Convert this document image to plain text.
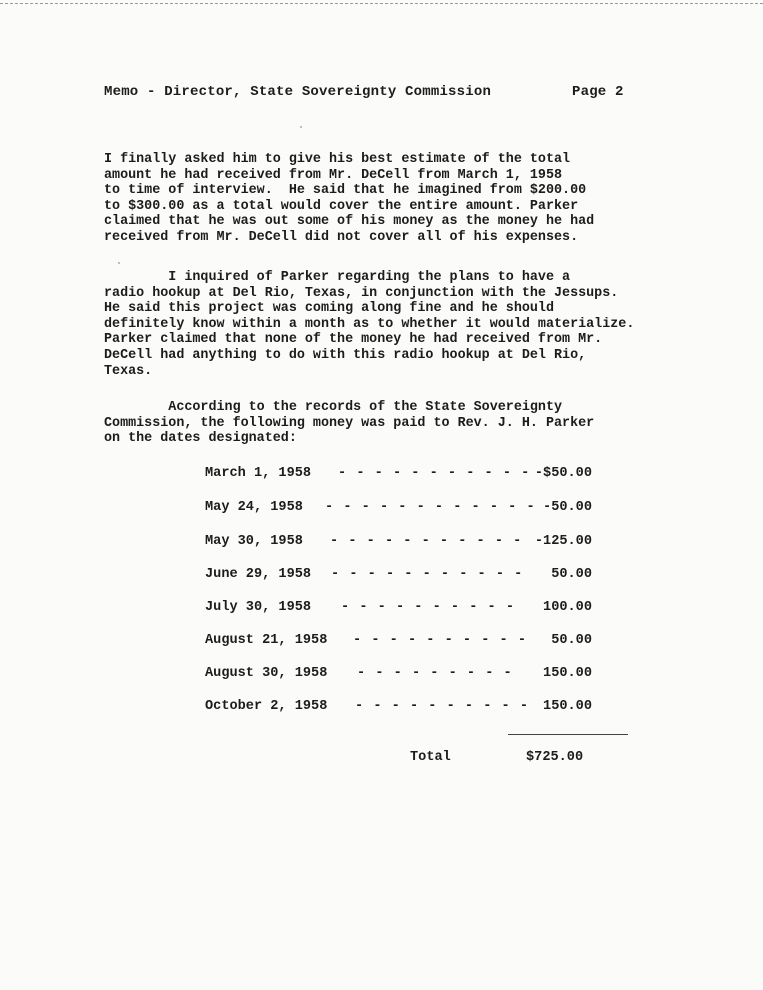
Memo - Director, State Sovereignty Commission	Page 2
I finally asked him to give his best estimate of the total
amount he had received from Mr. DeCell from March 1, 1958
to time of interview.  He said that he imagined from $200.00
to $300.00 as a total would cover the entire amount. Parker
claimed that he was out some of his money as the money he had
received from Mr. DeCell did not cover all of his expenses.
I inquired of Parker regarding the plans to have a
radio hookup at Del Rio, Texas, in conjunction with the Jessups.
He said this project was coming along fine and he should
definitely know within a month as to whether it would materialize.
Parker claimed that none of the money he had received from Mr.
DeCell had anything to do with this radio hookup at Del Rio,
Texas.
According to the records of the State Sovereignty
Commission, the following money was paid to Rev. J. H. Parker
on the dates designated:
March 1, 1958 - - - - - - - - - - - -$50.00
May 24, 1958 - - - - - - - - - - - - -50.00
May 30, 1958 - - - - - - - - - - - -125.00
June 29, 1958 - - - - - - - - - - - 50.00
July 30, 1958 - - - - - - - - - - 100.00
August 21, 1958 - - - - - - - - - - 50.00
August 30, 1958 - - - - - - - - - 150.00
October 2, 1958 - - - - - - - - - - 150.00
Total	$725.00
